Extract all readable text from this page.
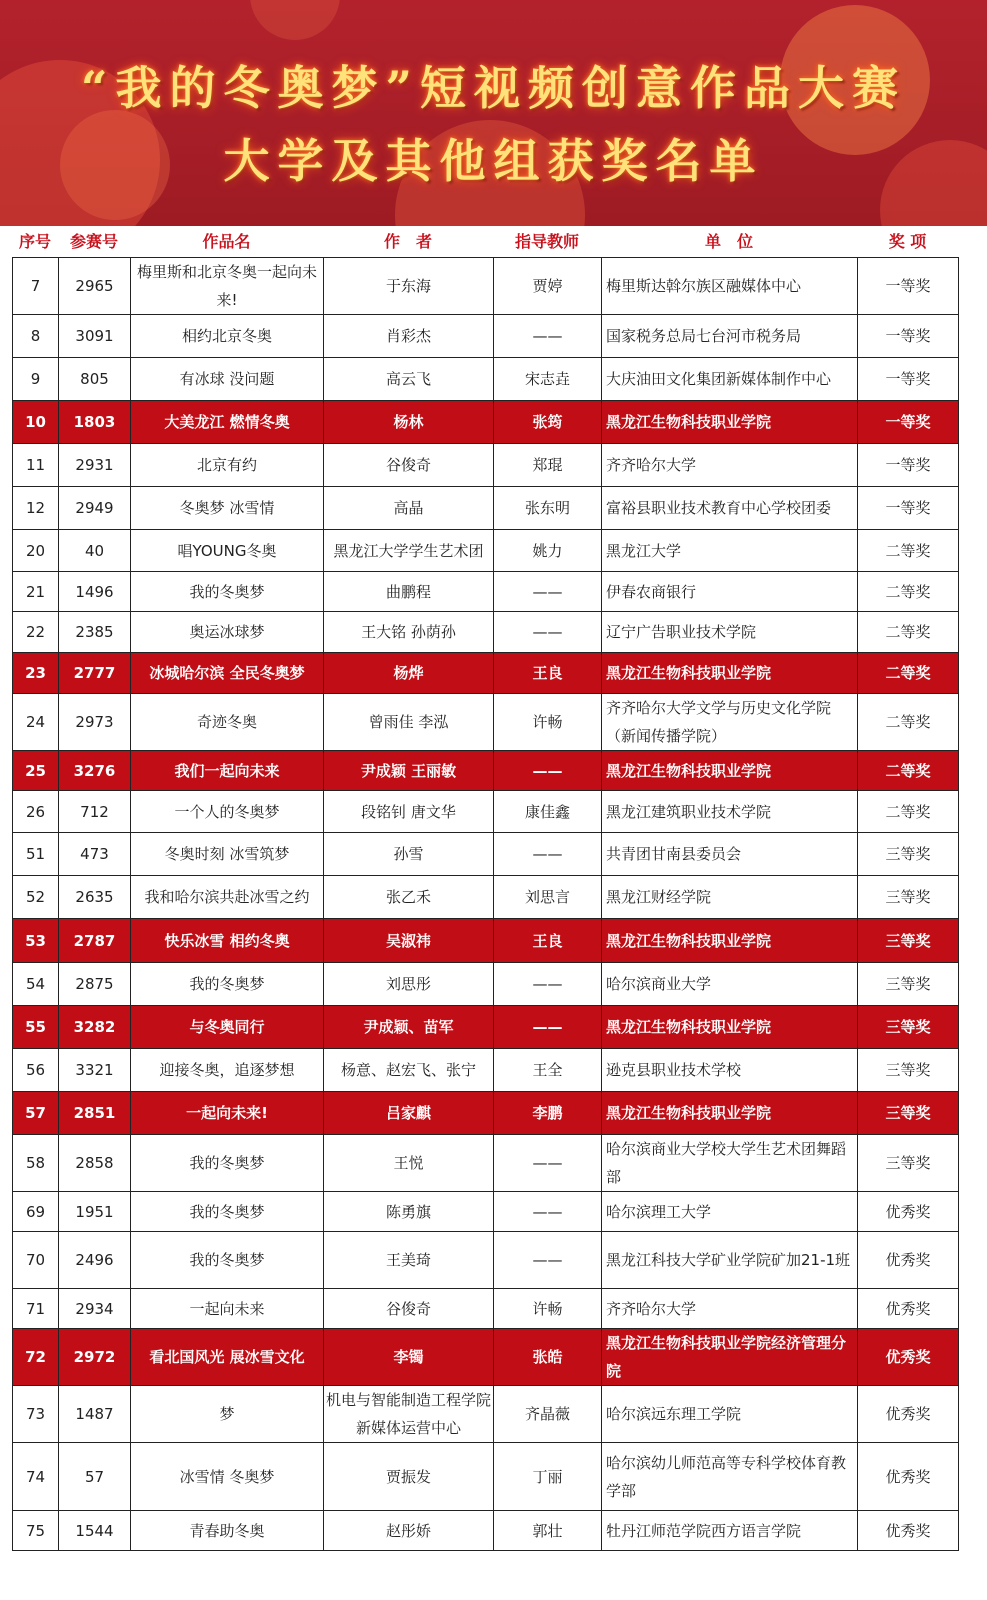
“我的冬奥梦”短视频创意作品大赛
大学及其他组获奖名单
序号	参赛号	作品名	作　者	指导教师	单　位	奖 项
7	2965	梅里斯和北京冬奥一起向未来!	于东海	贾婷	梅里斯达斡尔族区融媒体中心	一等奖
8	3091	相约北京冬奥	肖彩杰	——	国家税务总局七台河市税务局	一等奖
9	805	有冰球 没问题	高云飞	宋志垚	大庆油田文化集团新媒体制作中心	一等奖
10	1803	大美龙江 燃情冬奥	杨林	张筠	黑龙江生物科技职业学院	一等奖
11	2931	北京有约	谷俊奇	郑琨	齐齐哈尔大学	一等奖
12	2949	冬奥梦 冰雪情	高晶	张东明	富裕县职业技术教育中心学校团委	一等奖
20	40	唱YOUNG冬奥	黑龙江大学学生艺术团	姚力	黑龙江大学	二等奖
21	1496	我的冬奥梦	曲鹏程	——	伊春农商银行	二等奖
22	2385	奥运冰球梦	王大铭 孙荫孙	——	辽宁广告职业技术学院	二等奖
23	2777	冰城哈尔滨 全民冬奥梦	杨烨	王良	黑龙江生物科技职业学院	二等奖
24	2973	奇迹冬奥	曾雨佳 李泓	许畅	齐齐哈尔大学文学与历史文化学院（新闻传播学院）	二等奖
25	3276	我们一起向未来	尹成颖 王丽敏	——	黑龙江生物科技职业学院	二等奖
26	712	一个人的冬奥梦	段铭钊 唐文华	康佳鑫	黑龙江建筑职业技术学院	二等奖
51	473	冬奥时刻 冰雪筑梦	孙雪	——	共青团甘南县委员会	三等奖
52	2635	我和哈尔滨共赴冰雪之约	张乙禾	刘思言	黑龙江财经学院	三等奖
53	2787	快乐冰雪 相约冬奥	吴淑祎	王良	黑龙江生物科技职业学院	三等奖
54	2875	我的冬奥梦	刘思彤	——	哈尔滨商业大学	三等奖
55	3282	与冬奥同行	尹成颖、苗军	——	黑龙江生物科技职业学院	三等奖
56	3321	迎接冬奥，追逐梦想	杨意、赵宏飞、张宁	王全	逊克县职业技术学校	三等奖
57	2851	一起向未来!	吕家麒	李鹏	黑龙江生物科技职业学院	三等奖
58	2858	我的冬奥梦	王悦	——	哈尔滨商业大学校大学生艺术团舞蹈部	三等奖
69	1951	我的冬奥梦	陈勇旗	——	哈尔滨理工大学	优秀奖
70	2496	我的冬奥梦	王美琦	——	黑龙江科技大学矿业学院矿加21-1班	优秀奖
71	2934	一起向未来	谷俊奇	许畅	齐齐哈尔大学	优秀奖
72	2972	看北国风光 展冰雪文化	李镯	张皓	黑龙江生物科技职业学院经济管理分院	优秀奖
73	1487	梦	机电与智能制造工程学院新媒体运营中心	齐晶薇	哈尔滨远东理工学院	优秀奖
74	57	冰雪情 冬奥梦	贾振发	丁丽	哈尔滨幼儿师范高等专科学校体育教学部	优秀奖
75	1544	青春助冬奥	赵彤娇	郭壮	牡丹江师范学院西方语言学院	优秀奖
